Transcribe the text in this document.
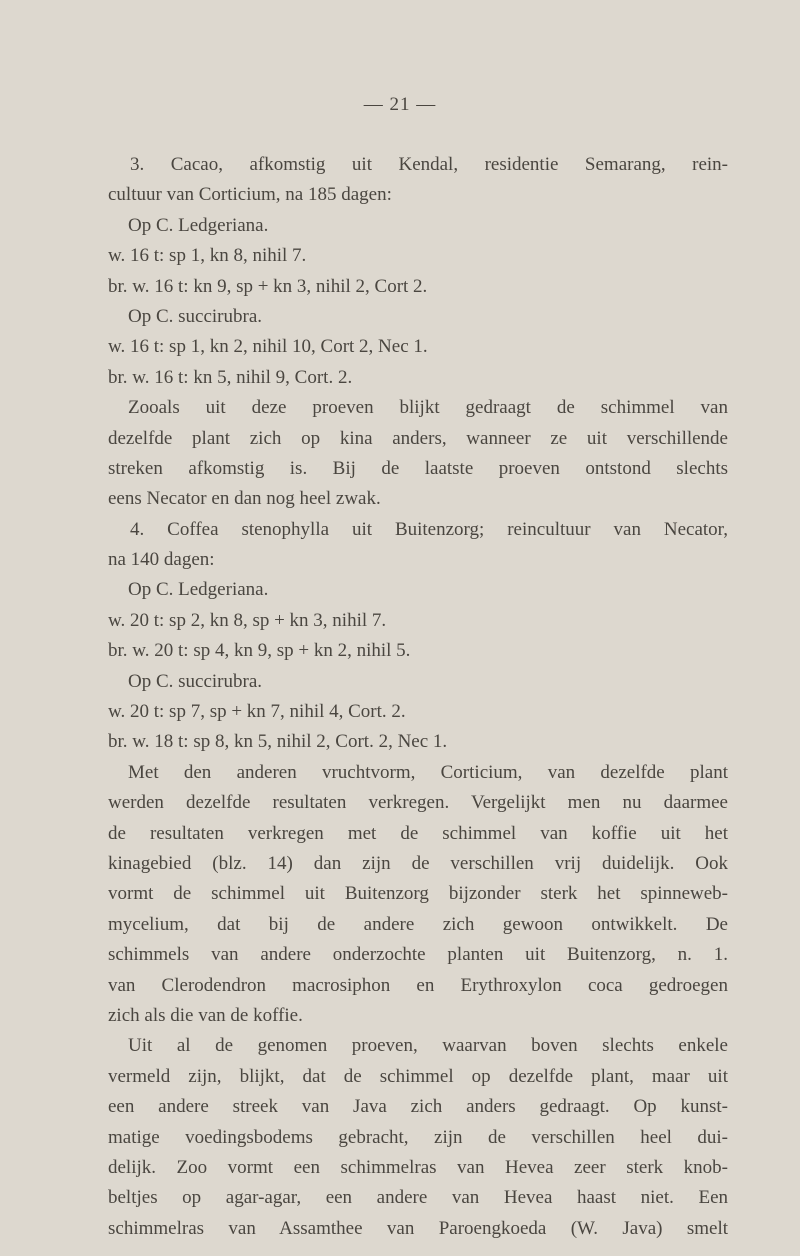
— 21 —
3. Cacao, afkomstig uit Kendal, residentie Semarang, rein-
cultuur van Corticium, na 185 dagen:
Op C. Ledgeriana.
w. 16 t: sp 1, kn 8, nihil 7.
br. w. 16 t: kn 9, sp + kn 3, nihil 2, Cort 2.
Op C. succirubra.
w. 16 t: sp 1, kn 2, nihil 10, Cort 2, Nec 1.
br. w. 16 t: kn 5, nihil 9, Cort. 2.
Zooals uit deze proeven blijkt gedraagt de schimmel van
dezelfde plant zich op kina anders, wanneer ze uit verschillende
streken afkomstig is. Bij de laatste proeven ontstond slechts
eens Necator en dan nog heel zwak.
4. Coffea stenophylla uit Buitenzorg; reincultuur van Necator,
na 140 dagen:
Op C. Ledgeriana.
w. 20 t: sp 2, kn 8, sp + kn 3, nihil 7.
br. w. 20 t: sp 4, kn 9, sp + kn 2, nihil 5.
Op C. succirubra.
w. 20 t: sp 7, sp + kn 7, nihil 4, Cort. 2.
br. w. 18 t: sp 8, kn 5, nihil 2, Cort. 2, Nec 1.
Met den anderen vruchtvorm, Corticium, van dezelfde plant
werden dezelfde resultaten verkregen. Vergelijkt men nu daarmee
de resultaten verkregen met de schimmel van koffie uit het
kinagebied (blz. 14) dan zijn de verschillen vrij duidelijk. Ook
vormt de schimmel uit Buitenzorg bijzonder sterk het spinneweb-
mycelium, dat bij de andere zich gewoon ontwikkelt. De
schimmels van andere onderzochte planten uit Buitenzorg, n. 1.
van Clerodendron macrosiphon en Erythroxylon coca gedroegen
zich als die van de koffie.
Uit al de genomen proeven, waarvan boven slechts enkele
vermeld zijn, blijkt, dat de schimmel op dezelfde plant, maar uit
een andere streek van Java zich anders gedraagt. Op kunst-
matige voedingsbodems gebracht, zijn de verschillen heel dui-
delijk. Zoo vormt een schimmelras van Hevea zeer sterk knob-
beltjes op agar-agar, een andere van Hevea haast niet. Een
schimmelras van Assamthee van Paroengkoeda (W. Java) smelt
